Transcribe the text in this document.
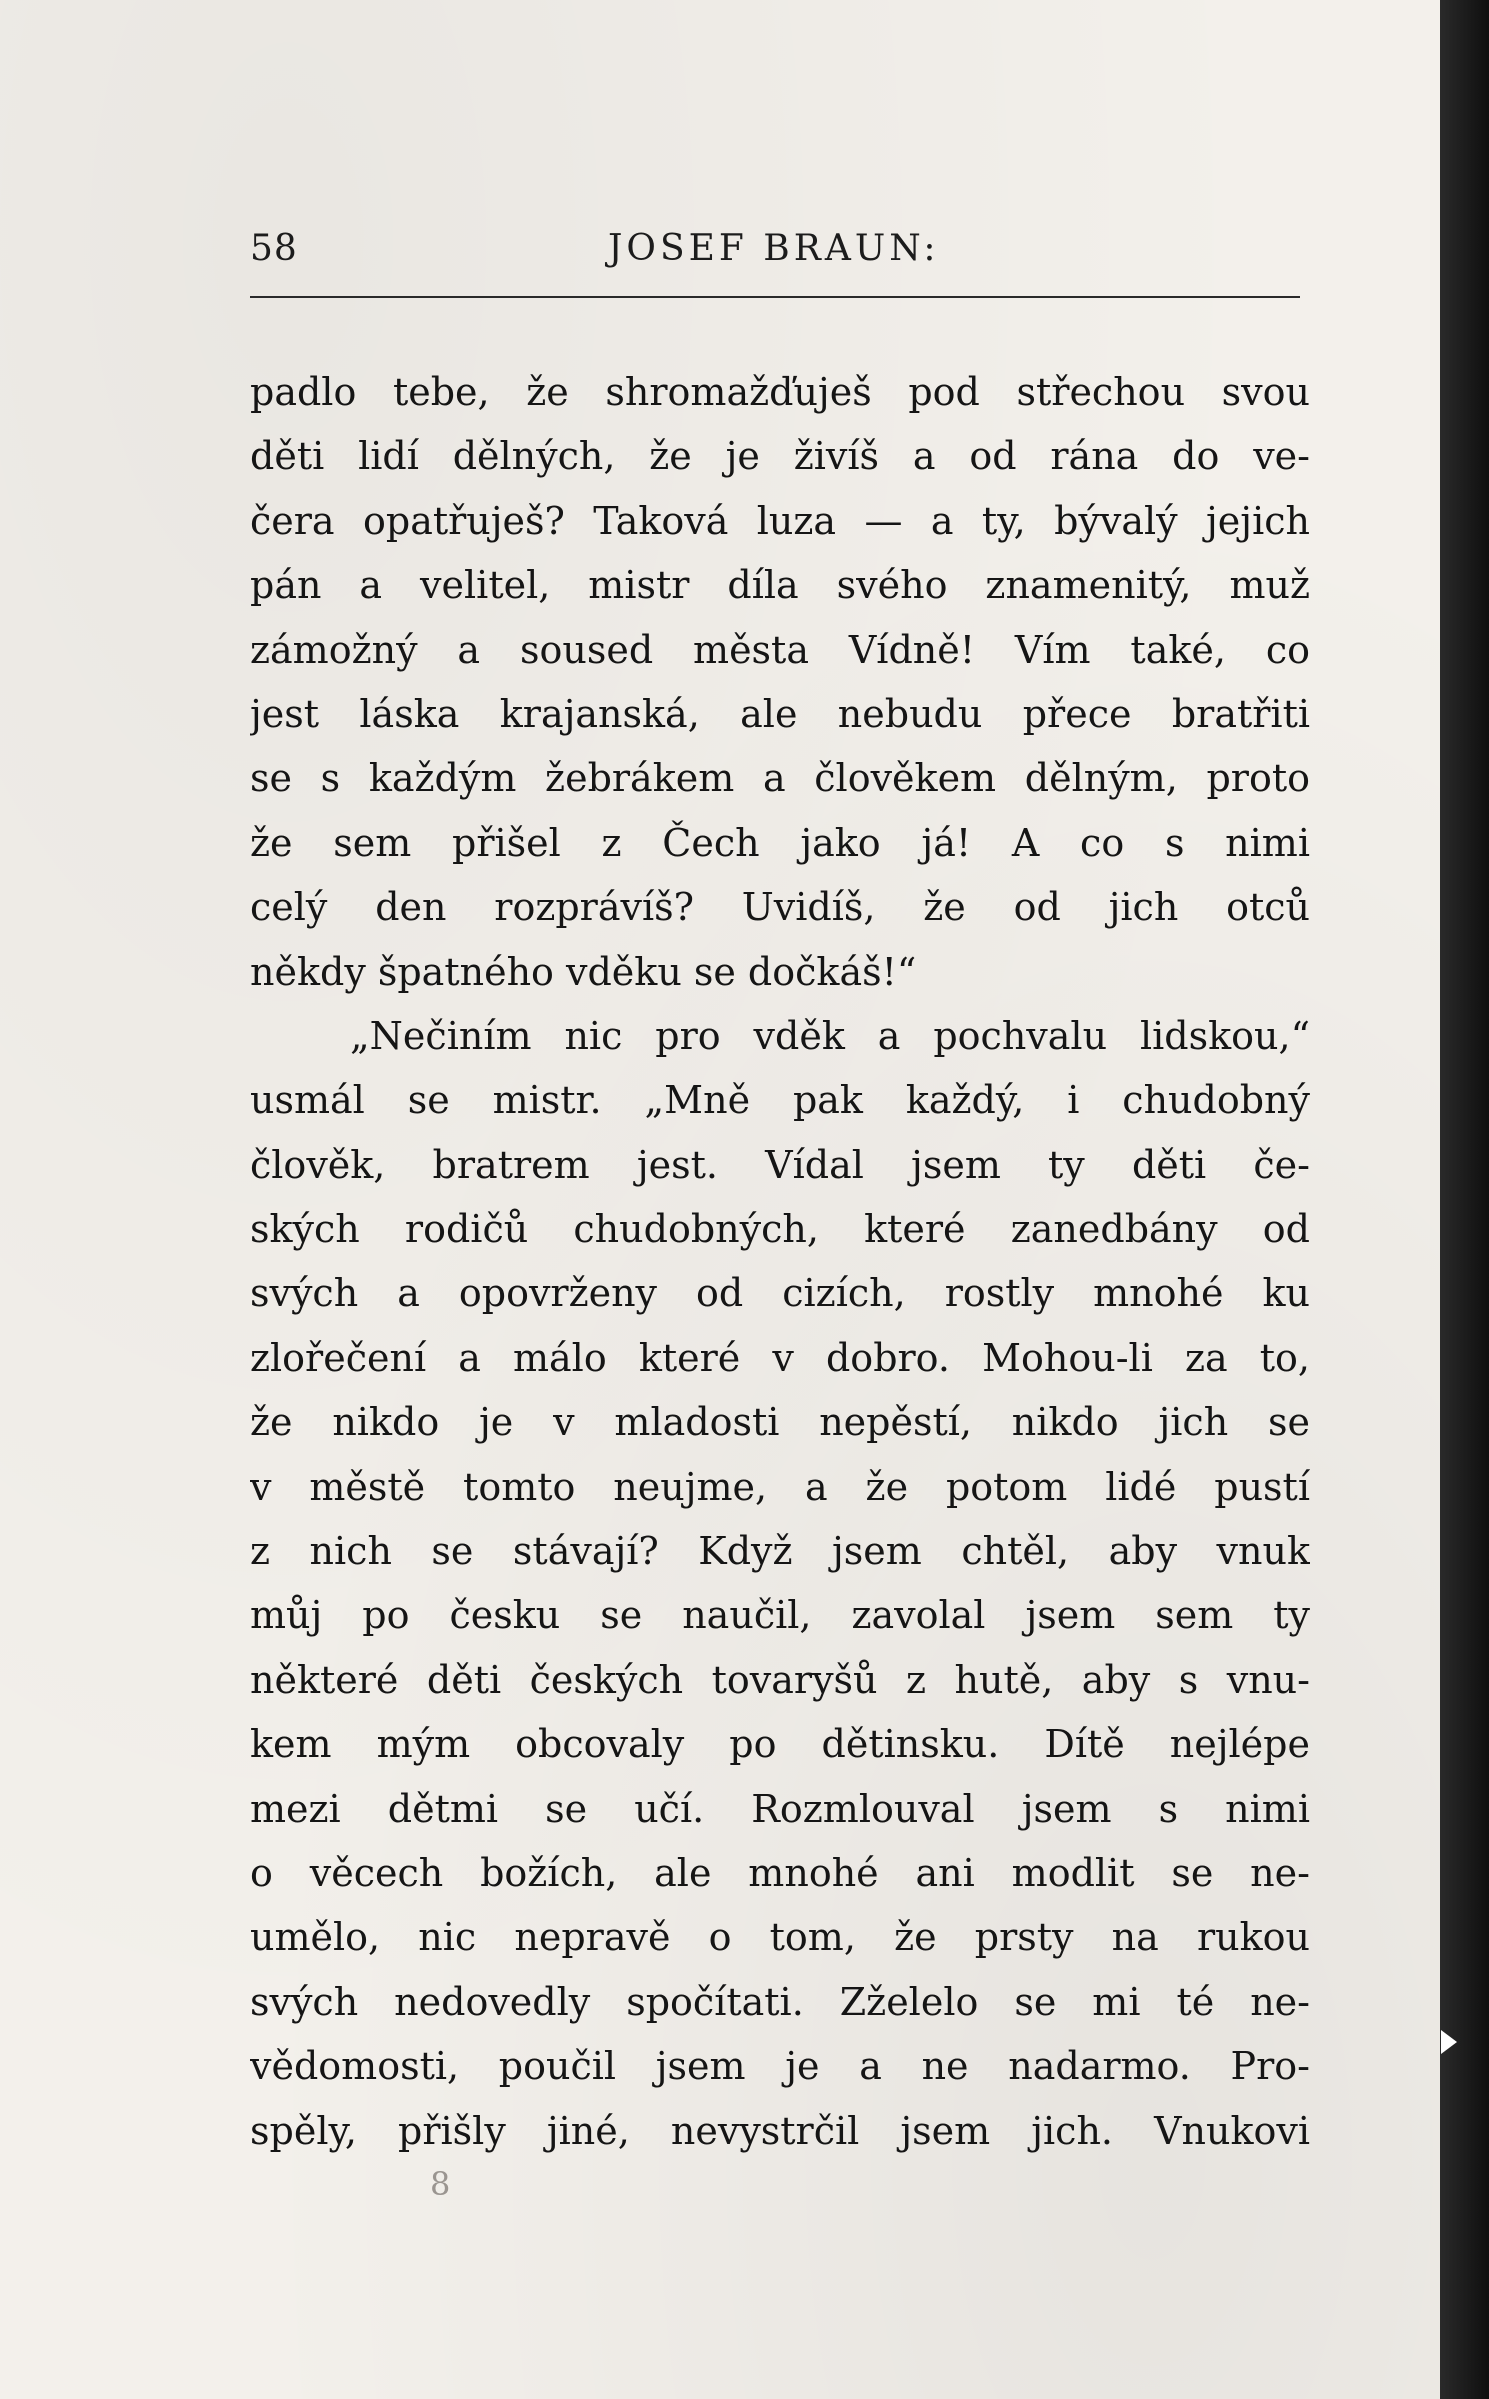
58	JOSEF BRAUN:
padlo tebe, že shromažďuješ pod střechou svou
děti lidí dělných, že je živíš a od rána do ve-
čera opatřuješ? Taková luza — a ty, bývalý jejich
pán a velitel, mistr díla svého znamenitý, muž
zámožný a soused města Vídně! Vím také, co
jest láska krajanská, ale nebudu přece bratřiti
se s každým žebrákem a člověkem dělným, proto
že sem přišel z Čech jako já! A co s nimi
celý den rozprávíš? Uvidíš, že od jich otců
někdy špatného vděku se dočkáš!“
„Nečiním nic pro vděk a pochvalu lidskou,“
usmál se mistr. „Mně pak každý, i chudobný
člověk, bratrem jest. Vídal jsem ty děti če-
ských rodičů chudobných, které zanedbány od
svých a opovrženy od cizích, rostly mnohé ku
zlořečení a málo které v dobro. Mohou-li za to,
že nikdo je v mladosti nepěstí, nikdo jich se
v městě tomto neujme, a že potom lidé pustí
z nich se stávají? Když jsem chtěl, aby vnuk
můj po česku se naučil, zavolal jsem sem ty
některé děti českých tovaryšů z hutě, aby s vnu-
kem mým obcovaly po dětinsku. Dítě nejlépe
mezi dětmi se učí. Rozmlouval jsem s nimi
o věcech božích, ale mnohé ani modlit se ne-
umělo, nic nepravě o tom, že prsty na rukou
svých nedovedly spočítati. Zželelo se mi té ne-
vědomosti, poučil jsem je a ne nadarmo. Pro-
spěly, přišly jiné, nevystrčil jsem jich. Vnukovi
8
